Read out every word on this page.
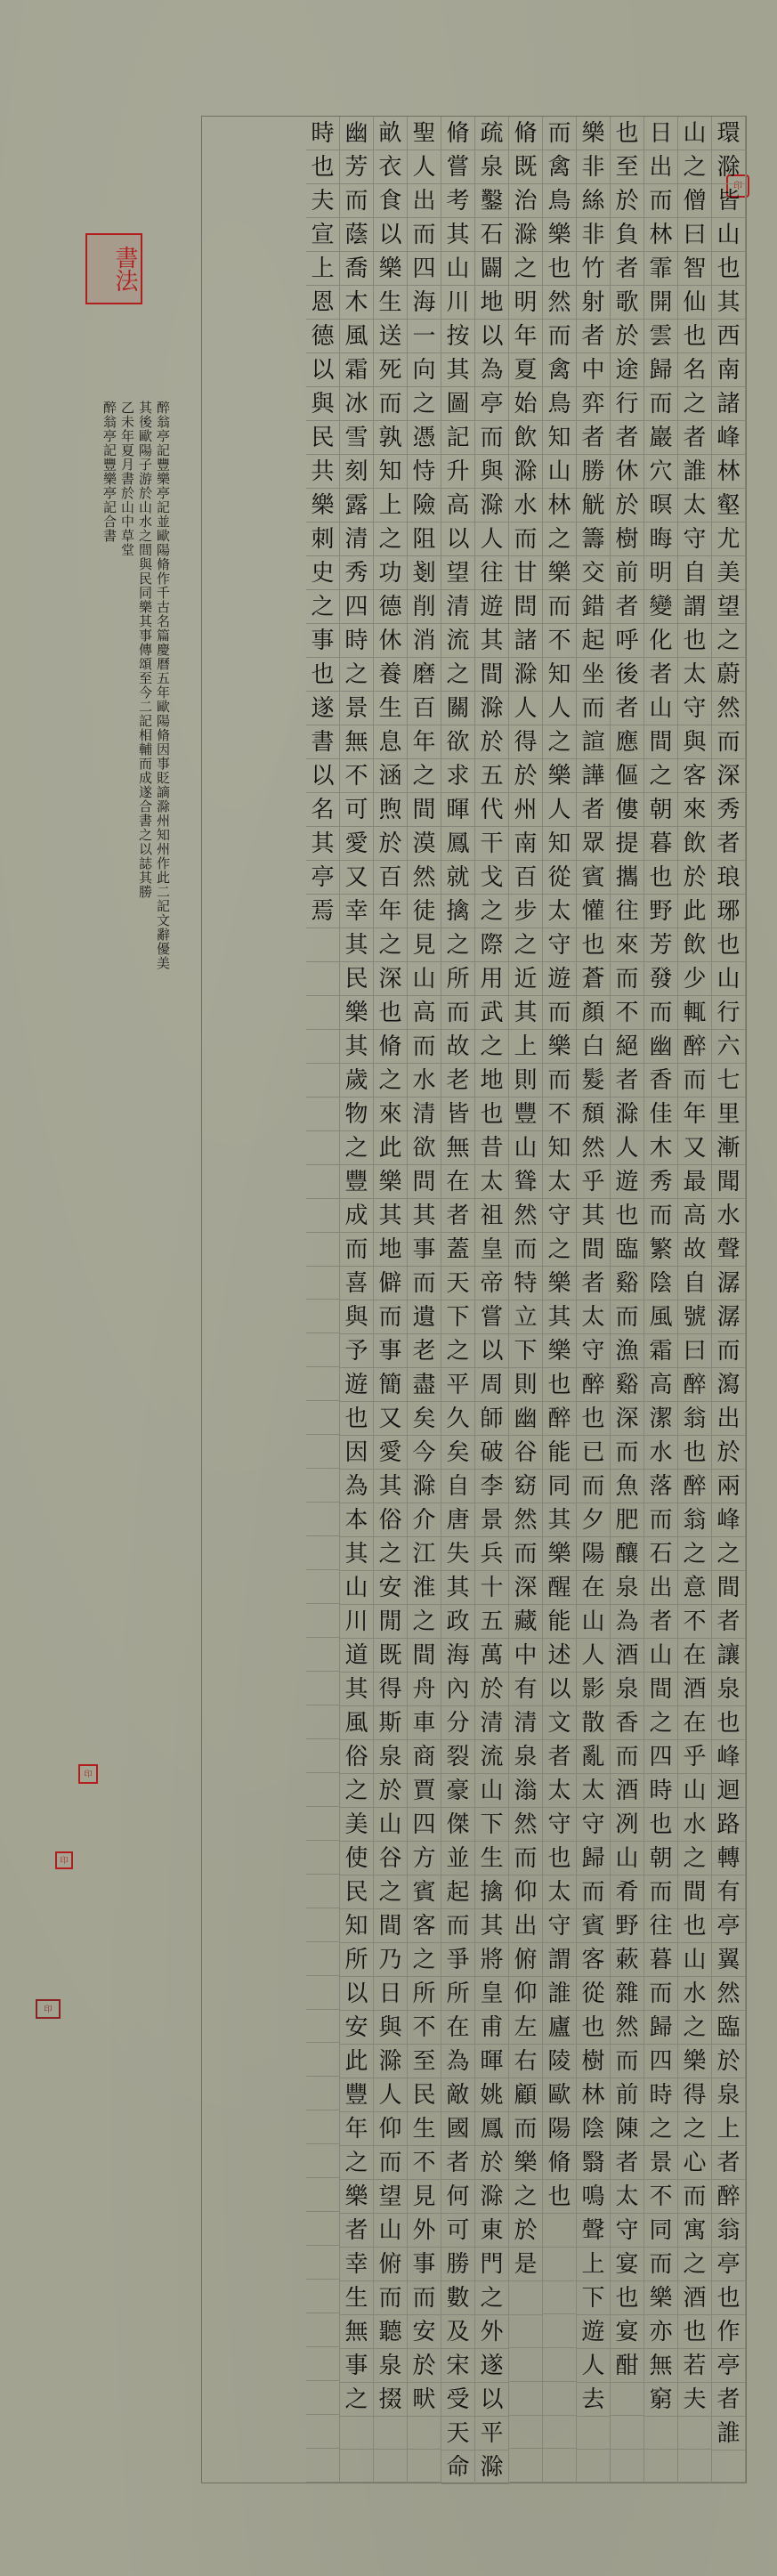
印
環
滁
皆
山
也
其
西
南
諸
峰
林
壑
尤
美
望
之
蔚
然
而
深
秀
者
琅
琊
也
山
行
六
七
里
漸
聞
水
聲
潺
潺
而
瀉
出
於
兩
峰
之
間
者
讓
泉
也
峰
迴
路
轉
有
亭
翼
然
臨
於
泉
上
者
醉
翁
亭
也
作
亭
者
誰
山
之
僧
曰
智
仙
也
名
之
者
誰
太
守
自
謂
也
太
守
與
客
來
飲
於
此
飲
少
輒
醉
而
年
又
最
高
故
自
號
曰
醉
翁
也
醉
翁
之
意
不
在
酒
在
乎
山
水
之
間
也
山
水
之
樂
得
之
心
而
寓
之
酒
也
若
夫
日
出
而
林
霏
開
雲
歸
而
巖
穴
暝
晦
明
變
化
者
山
間
之
朝
暮
也
野
芳
發
而
幽
香
佳
木
秀
而
繁
陰
風
霜
高
潔
水
落
而
石
出
者
山
間
之
四
時
也
朝
而
往
暮
而
歸
四
時
之
景
不
同
而
樂
亦
無
窮
也
至
於
負
者
歌
於
途
行
者
休
於
樹
前
者
呼
後
者
應
傴
僂
提
攜
往
來
而
不
絕
者
滁
人
遊
也
臨
谿
而
漁
谿
深
而
魚
肥
釀
泉
為
酒
泉
香
而
酒
冽
山
肴
野
蔌
雜
然
而
前
陳
者
太
守
宴
也
宴
酣
樂
非
絲
非
竹
射
者
中
弈
者
勝
觥
籌
交
錯
起
坐
而
諠
譁
者
眾
賓
懽
也
蒼
顏
白
髮
頹
然
乎
其
間
者
太
守
醉
也
已
而
夕
陽
在
山
人
影
散
亂
太
守
歸
而
賓
客
從
也
樹
林
陰
翳
鳴
聲
上
下
遊
人
去
而
禽
鳥
樂
也
然
而
禽
鳥
知
山
林
之
樂
而
不
知
人
之
樂
人
知
從
太
守
遊
而
樂
而
不
知
太
守
之
樂
其
樂
也
醉
能
同
其
樂
醒
能
述
以
文
者
太
守
也
太
守
謂
誰
廬
陵
歐
陽
脩
也
脩
既
治
滁
之
明
年
夏
始
飲
滁
水
而
甘
問
諸
滁
人
得
於
州
南
百
步
之
近
其
上
則
豐
山
聳
然
而
特
立
下
則
幽
谷
窈
然
而
深
藏
中
有
清
泉
滃
然
而
仰
出
俯
仰
左
右
顧
而
樂
之
於
是
疏
泉
鑿
石
闢
地
以
為
亭
而
與
滁
人
往
遊
其
間
滁
於
五
代
干
戈
之
際
用
武
之
地
也
昔
太
祖
皇
帝
嘗
以
周
師
破
李
景
兵
十
五
萬
於
清
流
山
下
生
擒
其
將
皇
甫
暉
姚
鳳
於
滁
東
門
之
外
遂
以
平
滁
脩
嘗
考
其
山
川
按
其
圖
記
升
高
以
望
清
流
之
關
欲
求
暉
鳳
就
擒
之
所
而
故
老
皆
無
在
者
蓋
天
下
之
平
久
矣
自
唐
失
其
政
海
內
分
裂
豪
傑
並
起
而
爭
所
在
為
敵
國
者
何
可
勝
數
及
宋
受
天
命
聖
人
出
而
四
海
一
向
之
憑
恃
險
阻
剗
削
消
磨
百
年
之
間
漠
然
徒
見
山
高
而
水
清
欲
問
其
事
而
遺
老
盡
矣
今
滁
介
江
淮
之
間
舟
車
商
賈
四
方
賓
客
之
所
不
至
民
生
不
見
外
事
而
安
於
畎
畝
衣
食
以
樂
生
送
死
而
孰
知
上
之
功
德
休
養
生
息
涵
煦
於
百
年
之
深
也
脩
之
來
此
樂
其
地
僻
而
事
簡
又
愛
其
俗
之
安
閒
既
得
斯
泉
於
山
谷
之
間
乃
日
與
滁
人
仰
而
望
山
俯
而
聽
泉
掇
幽
芳
而
蔭
喬
木
風
霜
冰
雪
刻
露
清
秀
四
時
之
景
無
不
可
愛
又
幸
其
民
樂
其
歲
物
之
豐
成
而
喜
與
予
遊
也
因
為
本
其
山
川
道
其
風
俗
之
美
使
民
知
所
以
安
此
豐
年
之
樂
者
幸
生
無
事
之
時
也
夫
宣
上
恩
德
以
與
民
共
樂
刺
史
之
事
也
遂
書
以
名
其
亭
焉
書法
醉翁亭記豐樂亭記並歐陽脩作千古名篇慶曆五年歐陽脩因事貶謫滁州知州作此二記文辭優美
其後歐陽子游於山水之間與民同樂其事傳頌至今二記相輔而成遂合書之以誌其勝
乙未年夏月書於山中草堂
醉翁亭記豐樂亭記合書
印
印
印
